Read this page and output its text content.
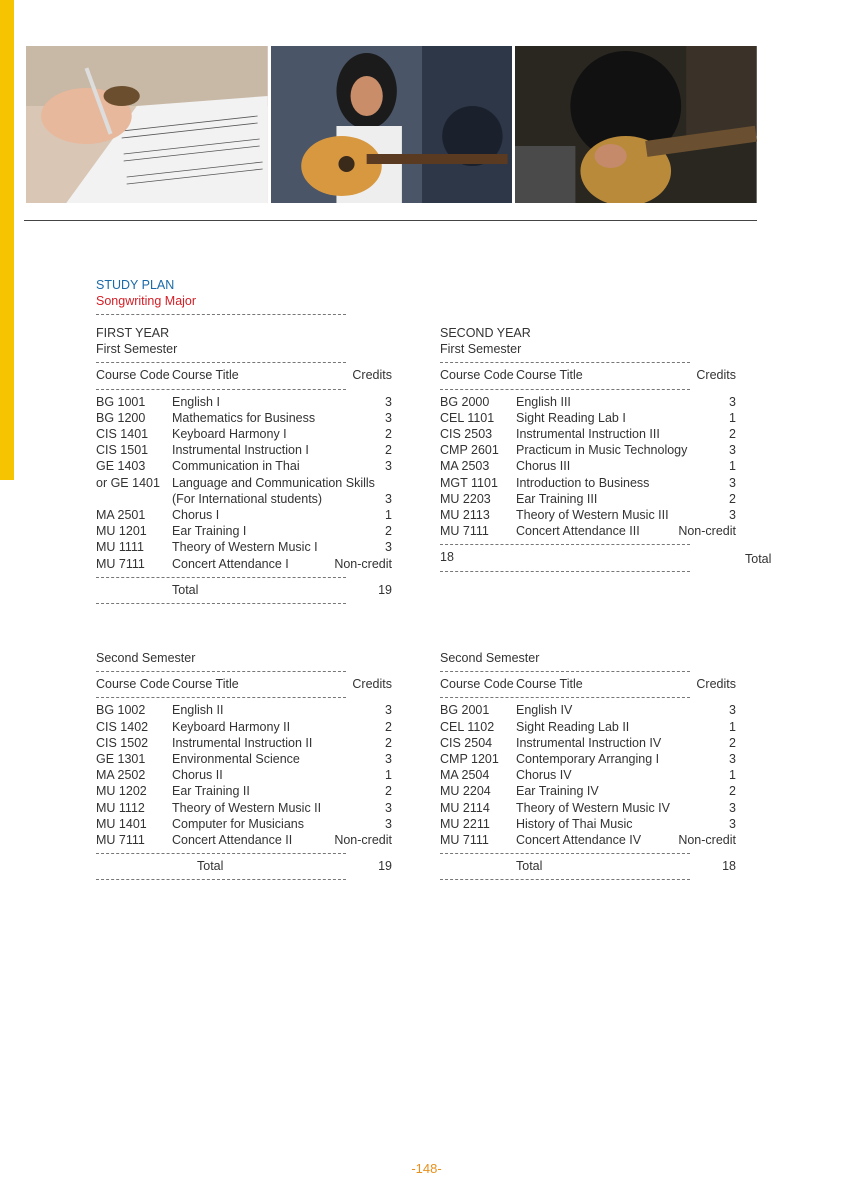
STUDY PLAN
Songwriting Major
FIRST YEAR
First Semester
Course Code Course Title	Credits
BG 1001	English I	3
BG 1200	Mathematics for Business	3
CIS 1401	Keyboard Harmony I	2
CIS 1501	Instrumental Instruction I	2
GE 1403	Communication in Thai	3
or GE 1401 Language and Communication Skills
(For International students)	3
MA 2501	Chorus I	1
MU 1201	Ear Training I	2
MU 1111	Theory of Western Music I	3
MU 7111	Concert Attendance I	Non-credit
Total	19
SECOND YEAR
First Semester
Course Code Course Title	Credits
BG 2000	English III	3
CEL 1101	Sight Reading Lab I	1
CIS 2503	Instrumental Instruction III	2
CMP 2601	Practicum in Music Technology	3
MA 2503	Chorus III	1
MGT 1101	Introduction to Business	3
MU 2203	Ear Training III	2
MU 2113	Theory of Western Music III	3
MU 7111	Concert Attendance III	Non-credit
18	Total
Second Semester
Course Code Course Title	Credits
BG 1002	English II	3
CIS 1402	Keyboard Harmony II	2
CIS 1502	Instrumental Instruction II	2
GE 1301	Environmental Science	3
MA 2502	Chorus II	1
MU 1202	Ear Training II	2
MU 1112	Theory of Western Music II	3
MU 1401	Computer for Musicians	3
MU 7111	Concert Attendance II	Non-credit
Total	19
Second Semester
Course Code Course Title	Credits
BG 2001	English IV	3
CEL 1102	Sight Reading Lab II	1
CIS 2504	Instrumental Instruction IV	2
CMP 1201	Contemporary Arranging I	3
MA 2504	Chorus IV	1
MU 2204	Ear Training IV	2
MU 2114	Theory of Western Music IV	3
MU 2211	History of Thai Music	3
MU 7111	Concert Attendance IV	Non-credit
Total	18
-148-
